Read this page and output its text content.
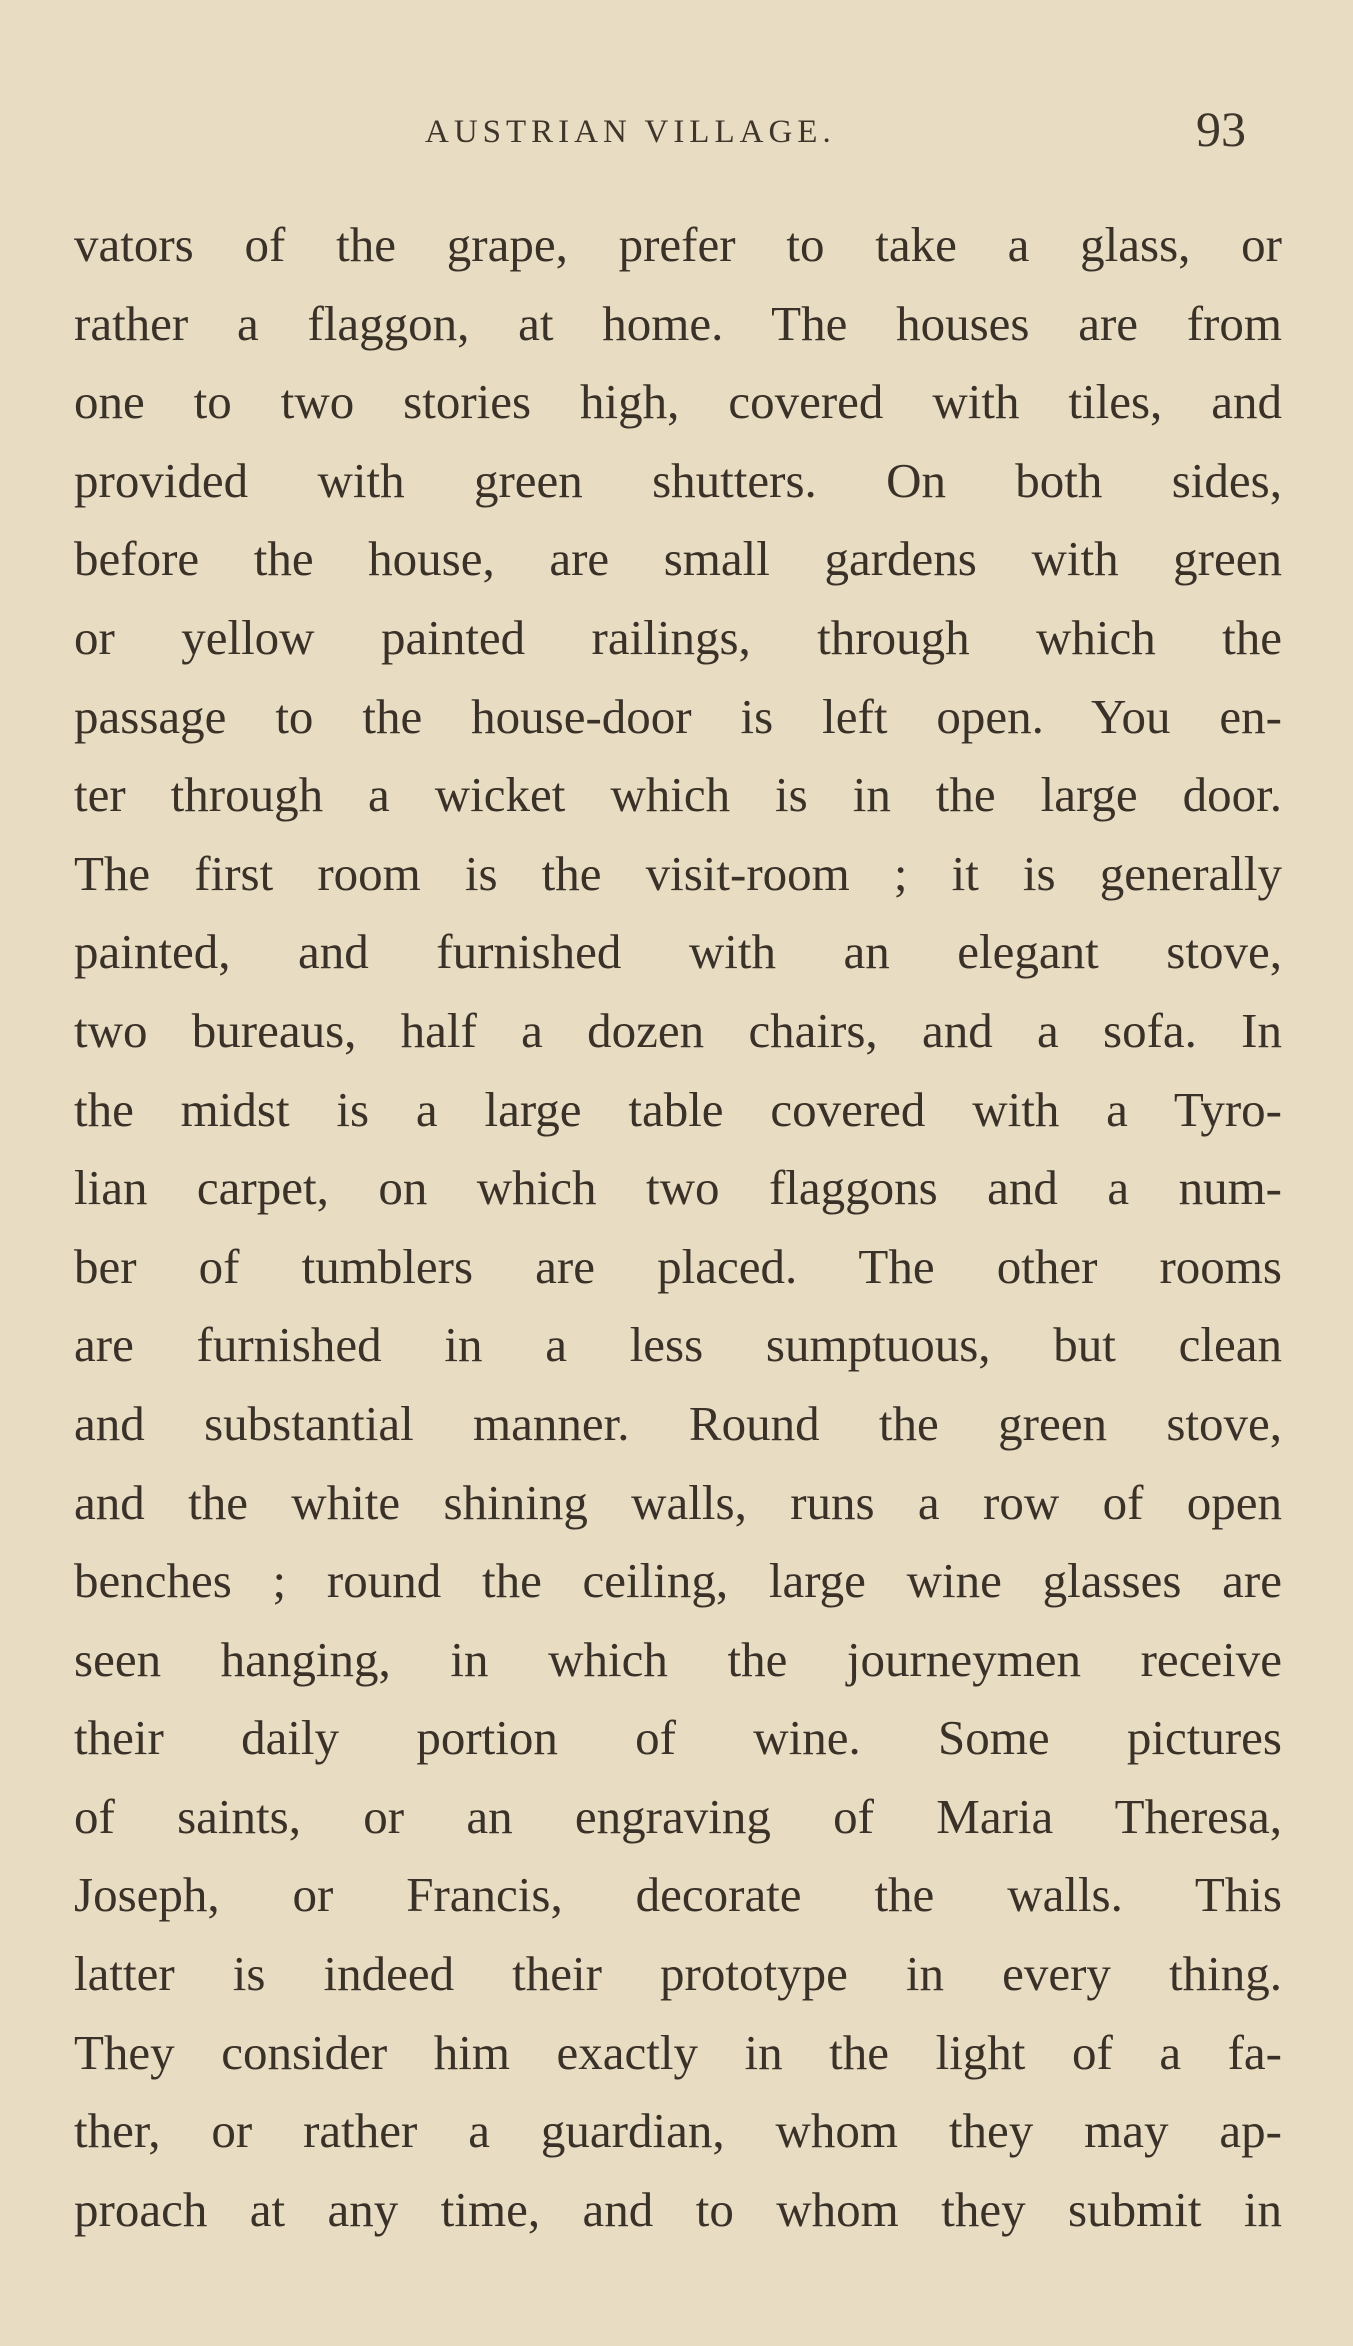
AUSTRIAN VILLAGE.	93
vators of the grape, prefer to take a glass, or
rather a flaggon, at home. The houses are from
one to two stories high, covered with tiles, and
provided with green shutters. On both sides,
before the house, are small gardens with green
or yellow painted railings, through which the
passage to the house-door is left open. You en-
ter through a wicket which is in the large door.
The first room is the visit-room ; it is generally
painted, and furnished with an elegant stove,
two bureaus, half a dozen chairs, and a sofa. In
the midst is a large table covered with a Tyro-
lian carpet, on which two flaggons and a num-
ber of tumblers are placed. The other rooms
are furnished in a less sumptuous, but clean
and substantial manner. Round the green stove,
and the white shining walls, runs a row of open
benches ; round the ceiling, large wine glasses are
seen hanging, in which the journeymen receive
their daily portion of wine. Some pictures
of saints, or an engraving of Maria Theresa,
Joseph, or Francis, decorate the walls. This
latter is indeed their prototype in every thing.
They consider him exactly in the light of a fa-
ther, or rather a guardian, whom they may ap-
proach at any time, and to whom they submit in
